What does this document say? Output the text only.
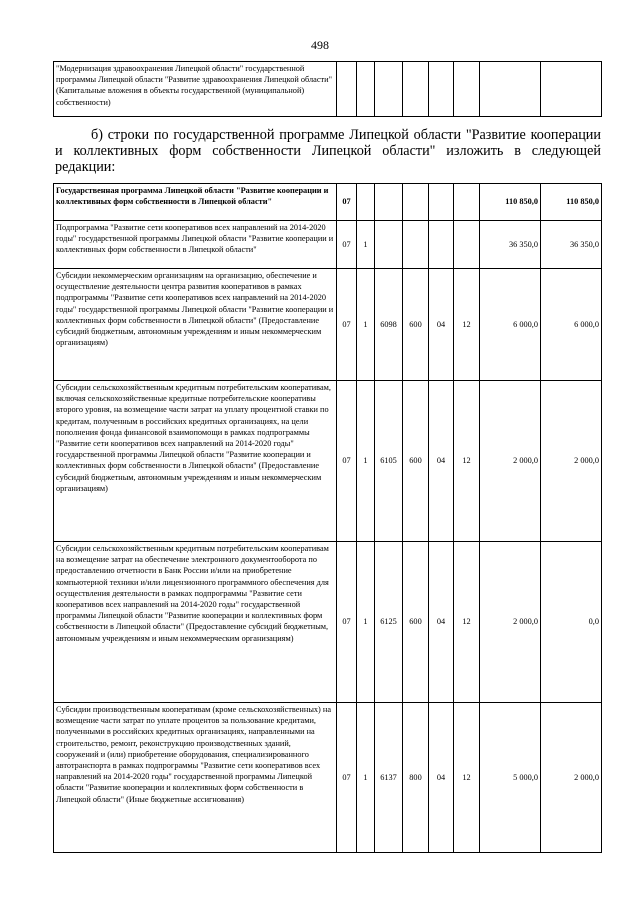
498
"Модернизация здравоохранения Липецкой области" государственной программы Липецкой области "Развитие здравоохранения Липецкой области" (Капитальные вложения в объекты государственной (муниципальной) собственности)								
б) строки по государственной программе Липецкой области "Развитие кооперации и коллективных форм собственности Липецкой области" изложить в следующей редакции:
Государственная программа Липецкой области "Развитие кооперации и коллективных форм собственности в Липецкой области"	07						110 850,0	110 850,0
Подпрограмма "Развитие сети кооперативов всех направлений на 2014-2020 годы" государственной программы Липецкой области "Развитие кооперации и коллективных форм собственности в Липецкой области"	07	1					36 350,0	36 350,0
Субсидии некоммерческим организациям на организацию, обеспечение и осуществление деятельности центра развития кооперативов в рамках подпрограммы "Развитие сети кооперативов всех направлений на 2014-2020 годы" государственной программы Липецкой области "Развитие кооперации и коллективных форм собственности в Липецкой области" (Предоставление субсидий бюджетным, автономным учреждениям и иным некоммерческим организациям)	07	1	6098	600	04	12	6 000,0	6 000,0
Субсидии сельскохозяйственным кредитным потребительским кооперативам, включая сельскохозяйственные кредитные потребительские кооперативы второго уровня, на возмещение части затрат на уплату процентной ставки по кредитам, полученным в российских кредитных организациях, на цели пополнения фонда финансовой взаимопомощи в рамках подпрограммы "Развитие сети кооперативов всех направлений на 2014-2020 годы" государственной программы Липецкой области "Развитие кооперации и коллективных форм собственности в Липецкой области" (Предоставление субсидий бюджетным, автономным учреждениям и иным некоммерческим организациям)	07	1	6105	600	04	12	2 000,0	2 000,0
Субсидии сельскохозяйственным кредитным потребительским кооперативам на возмещение затрат на обеспечение электронного документооборота по предоставлению отчетности в Банк России и/или на приобретение компьютерной техники и/или лицензионного программного обеспечения для осуществления деятельности в рамках подпрограммы "Развитие сети кооперативов всех направлений на 2014-2020 годы" государственной программы Липецкой области "Развитие кооперации и коллективных форм собственности в Липецкой области" (Предоставление субсидий бюджетным, автономным учреждениям и иным некоммерческим организациям)	07	1	6125	600	04	12	2 000,0	0,0
Субсидии производственным кооперативам (кроме сельскохозяйственных) на возмещение части затрат по уплате процентов за пользование кредитами, полученными в российских кредитных организациях, направленными на строительство, ремонт, реконструкцию производственных зданий, сооружений и (или) приобретение оборудования, специализированного автотранспорта в рамках подпрограммы "Развитие сети кооперативов всех направлений на 2014-2020 годы" государственной программы Липецкой области "Развитие кооперации и коллективных форм собственности в Липецкой области" (Иные бюджетные ассигнования)	07	1	6137	800	04	12	5 000,0	2 000,0
